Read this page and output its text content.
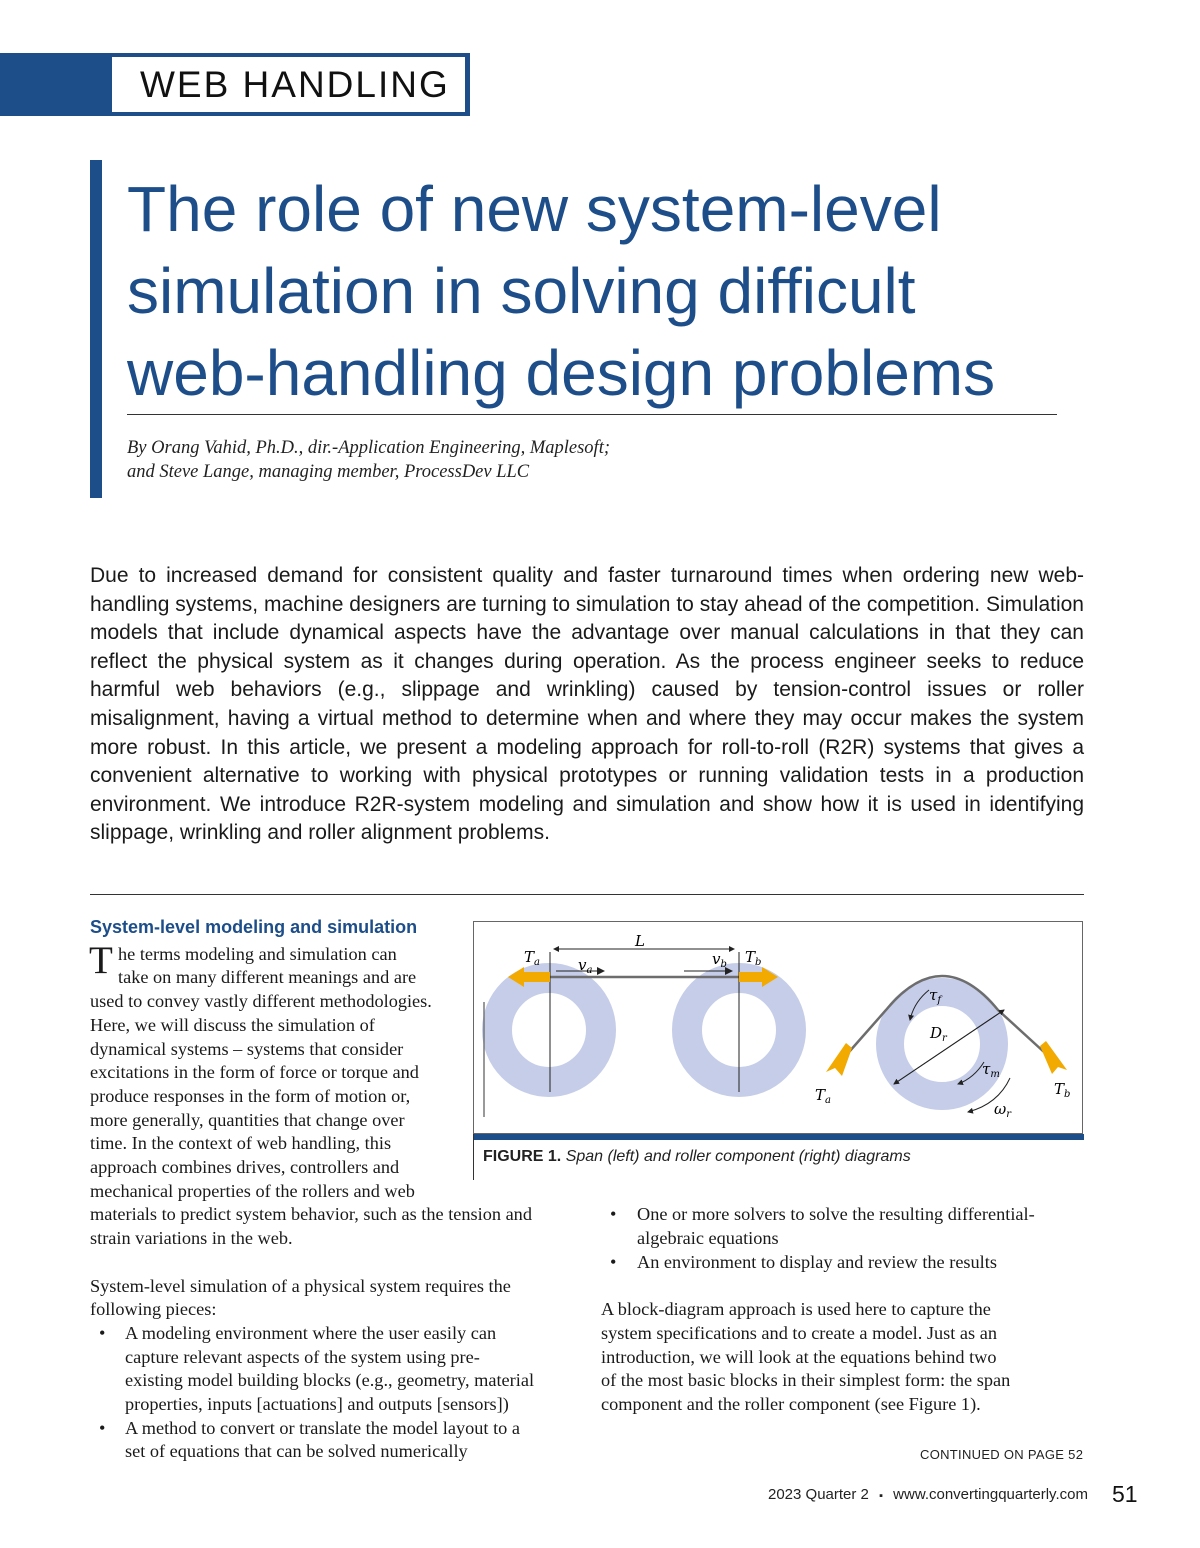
WEB HANDLING
The role of new system-level
simulation in solving difficult
web-handling design problems
By Orang Vahid, Ph.D., dir.-Application Engineering, Maplesoft;
and Steve Lange, managing member, ProcessDev LLC
Due to increased demand for consistent quality and faster turnaround times when ordering new web-handling systems, machine designers are turning to simulation to stay ahead of the competition. Simulation models that include dynamical aspects have the advantage over manual calculations in that they can reflect the physical system as it changes during operation. As the process engineer seeks to reduce harmful web behaviors (e.g., slippage and wrinkling) caused by tension-control issues or roller misalignment, having a virtual method to determine when and where they may occur makes the system more robust. In this article, we present a modeling approach for roll-to-roll (R2R) systems that gives a convenient alternative to working with physical prototypes or running validation tests in a production environment. We introduce R2R-system modeling and simulation and show how it is used in identifying slippage, wrinkling and roller alignment problems.
System-level modeling and simulation
T he terms modeling and simulation can
take on many different meanings and are
used to convey vastly different methodologies.
Here, we will discuss the simulation of
dynamical systems – systems that consider
excitations in the form of force or torque and
produce responses in the form of motion or,
more generally, quantities that change over
time. In the context of web handling, this
approach combines drives, controllers and
mechanical properties of the rollers and web
materials to predict system behavior, such as the tension and
strain variations in the web.
System-level simulation of a physical system requires the
following pieces:
• A modeling environment where the user easily can
capture relevant aspects of the system using pre-
existing model building blocks (e.g., geometry, material
properties, inputs [actuations] and outputs [sensors])
• A method to convert or translate the model layout to a
set of equations that can be solved numerically
L
$T_a$	$v_a$
$v_b$ $T_b$
$\tau_f$
$D_r$
$\tau_m$
$T_a$
$T_b$
$\omega_r$
FIGURE 1. Span (left) and roller component (right) diagrams
• One or more solvers to solve the resulting differential-
algebraic equations
• An environment to display and review the results
A block-diagram approach is used here to capture the
system specifications and to create a model. Just as an
introduction, we will look at the equations behind two
of the most basic blocks in their simplest form: the span
component and the roller component (see Figure 1).
CONTINUED ON PAGE 52
2023 Quarter 2 ▪ www.convertingquarterly.com 51
